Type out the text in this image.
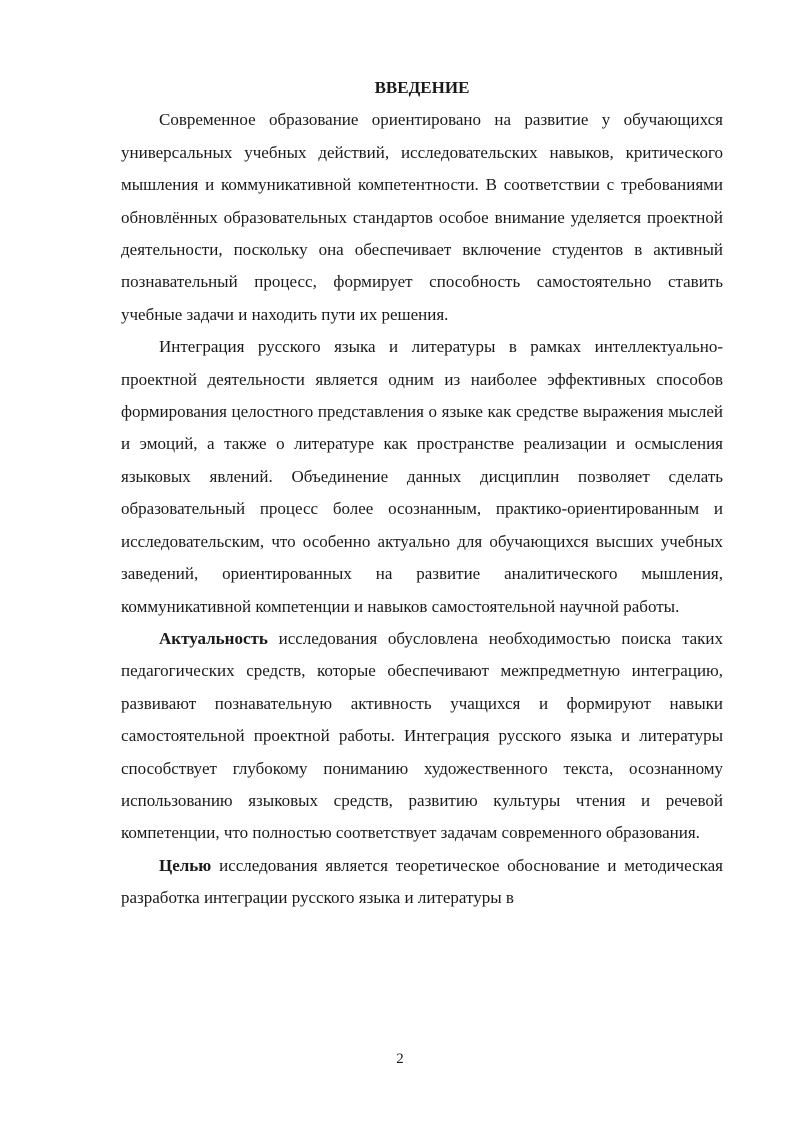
ВВЕДЕНИЕ

Современное образование ориентировано на развитие у обучающихся универсальных учебных действий, исследовательских навыков, критического мышления и коммуникативной компетентности. В соответствии с требованиями обновлённых образовательных стандартов особое внимание уделяется проектной деятельности, поскольку она обеспечивает включение студентов в активный познавательный процесс, формирует способность самостоятельно ставить учебные задачи и находить пути их решения.

Интеграция русского языка и литературы в рамках интеллектуально-проектной деятельности является одним из наиболее эффективных способов формирования целостного представления о языке как средстве выражения мыслей и эмоций, а также о литературе как пространстве реализации и осмысления языковых явлений. Объединение данных дисциплин позволяет сделать образовательный процесс более осознанным, практико-ориентированным и исследовательским, что особенно актуально для обучающихся высших учебных заведений, ориентированных на развитие аналитического мышления, коммуникативной компетенции и навыков самостоятельной научной работы.

Актуальность исследования обусловлена необходимостью поиска таких педагогических средств, которые обеспечивают межпредметную интеграцию, развивают познавательную активность учащихся и формируют навыки самостоятельной проектной работы. Интеграция русского языка и литературы способствует глубокому пониманию художественного текста, осознанному использованию языковых средств, развитию культуры чтения и речевой компетенции, что полностью соответствует задачам современного образования.

Целью исследования является теоретическое обоснование и методическая разработка интеграции русского языка и литературы в

2
